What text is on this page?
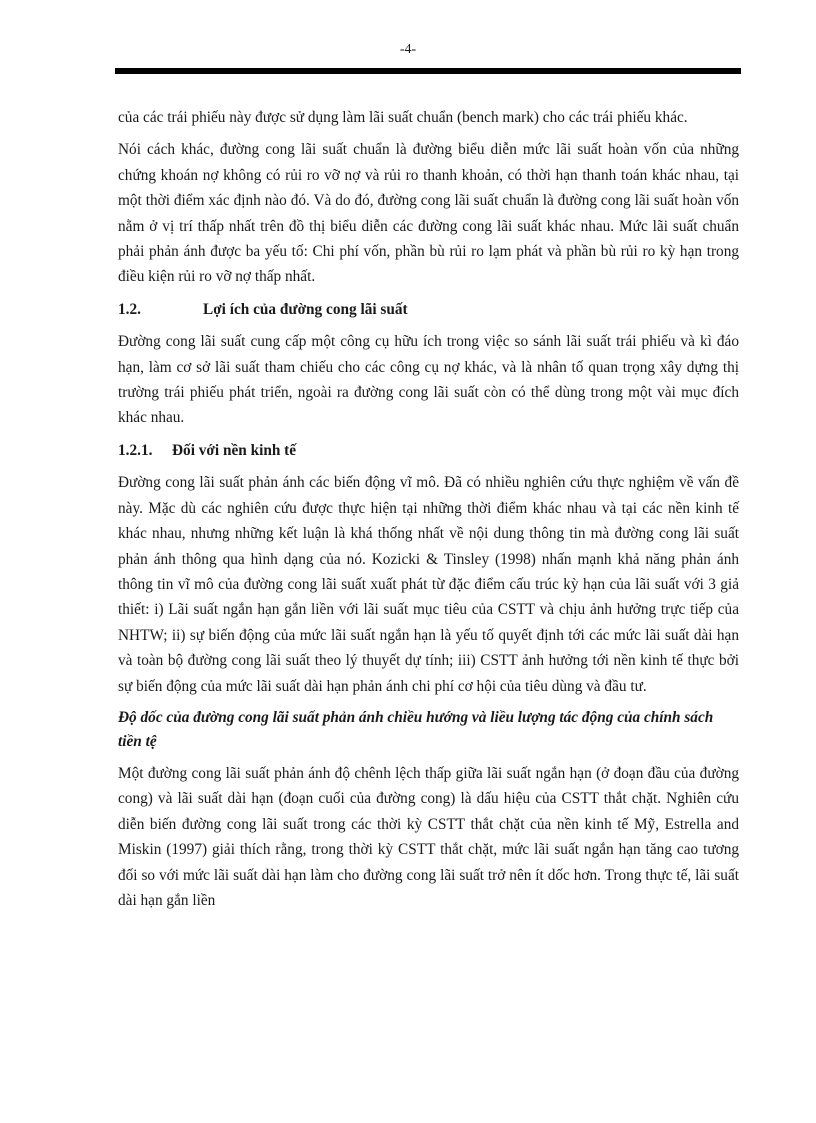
-4-

của các trái phiếu này được sử dụng làm lãi suất chuẩn (bench mark) cho các trái phiếu khác.

Nói cách khác, đường cong lãi suất chuẩn là đường biểu diễn mức lãi suất hoàn vốn của những chứng khoán nợ không có rủi ro vỡ nợ và rủi ro thanh khoản, có thời hạn thanh toán khác nhau, tại một thời điểm xác định nào đó. Và do đó, đường cong lãi suất chuẩn là đường cong lãi suất hoàn vốn nằm ở vị trí thấp nhất trên đồ thị biểu diễn các đường cong lãi suất khác nhau. Mức lãi suất chuẩn phải phản ánh được ba yếu tố: Chi phí vốn, phần bù rủi ro lạm phát và phần bù rủi ro kỳ hạn trong điều kiện rủi ro vỡ nợ thấp nhất.

1.2.	Lợi ích của đường cong lãi suất

Đường cong lãi suất cung cấp một công cụ hữu ích trong việc so sánh lãi suất trái phiếu và kì đáo hạn, làm cơ sở lãi suất tham chiếu cho các công cụ nợ khác, và là nhân tố quan trọng xây dựng thị trường trái phiếu phát triển, ngoài ra đường cong lãi suất còn có thể dùng trong một vài mục đích khác nhau.

1.2.1.	Đối với nền kinh tế

Đường cong lãi suất phản ánh các biến động vĩ mô. Đã có nhiều nghiên cứu thực nghiệm về vấn đề này. Mặc dù các nghiên cứu được thực hiện tại những thời điểm khác nhau và tại các nền kinh tế khác nhau, nhưng những kết luận là khá thống nhất về nội dung thông tin mà đường cong lãi suất phản ánh thông qua hình dạng của nó. Kozicki & Tinsley (1998) nhấn mạnh khả năng phản ánh thông tin vĩ mô của đường cong lãi suất xuất phát từ đặc điểm cấu trúc kỳ hạn của lãi suất với 3 giả thiết: i) Lãi suất ngắn hạn gắn liền với lãi suất mục tiêu của CSTT và chịu ảnh hưởng trực tiếp của NHTW; ii) sự biến động của mức lãi suất ngắn hạn là yếu tố quyết định tới các mức lãi suất dài hạn và toàn bộ đường cong lãi suất theo lý thuyết dự tính; iii) CSTT ảnh hưởng tới nền kinh tế thực bởi sự biến động của mức lãi suất dài hạn phản ánh chi phí cơ hội của tiêu dùng và đầu tư.

Độ dốc của đường cong lãi suất phản ánh chiều hướng và liều lượng tác động của chính sách tiền tệ

Một đường cong lãi suất phản ánh độ chênh lệch thấp giữa lãi suất ngắn hạn (ở đoạn đầu của đường cong) và lãi suất dài hạn (đoạn cuối của đường cong) là dấu hiệu của CSTT thắt chặt. Nghiên cứu diễn biến đường cong lãi suất trong các thời kỳ CSTT thắt chặt của nền kinh tế Mỹ, Estrella and Miskin (1997) giải thích rằng, trong thời kỳ CSTT thắt chặt, mức lãi suất ngắn hạn tăng cao tương đối so với mức lãi suất dài hạn làm cho đường cong lãi suất trở nên ít dốc hơn. Trong thực tế, lãi suất dài hạn gắn liền
